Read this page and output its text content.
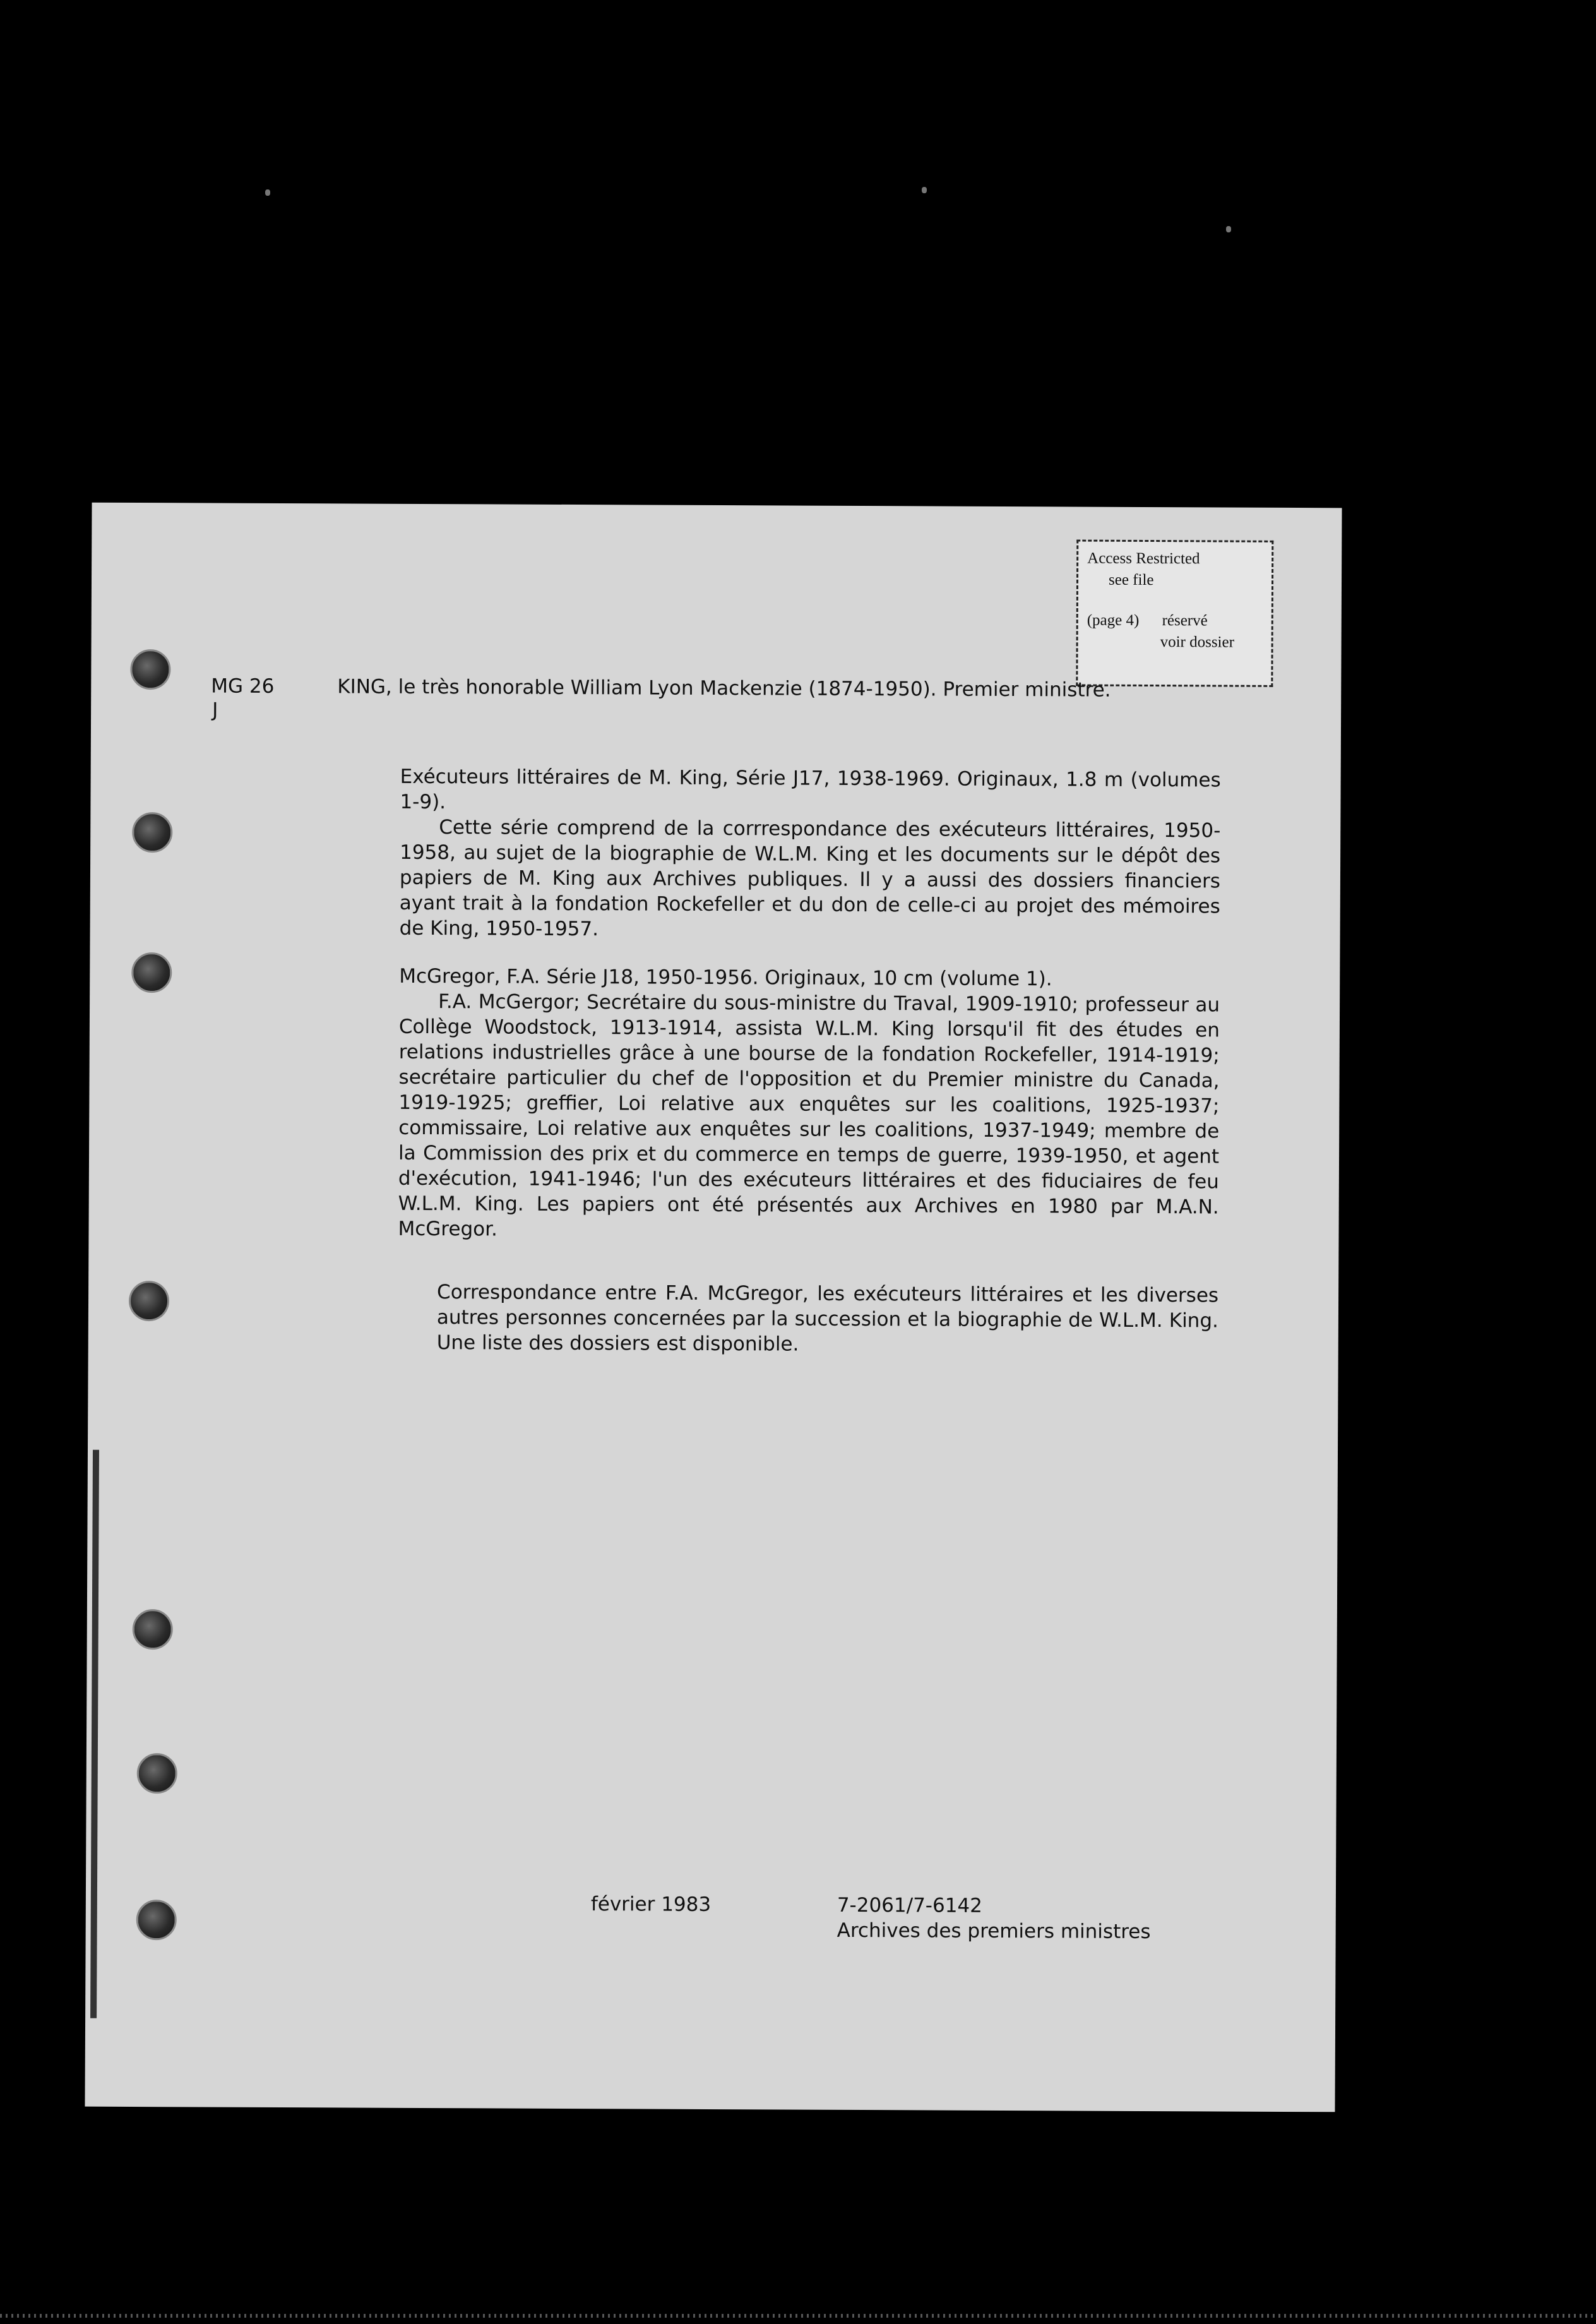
Access Restricted
see file
(page 4) réservé
voir dossier
MG 26
J
KING, le très honorable William Lyon Mackenzie (1874-1950). Premier ministre.
Exécuteurs littéraires de M. King, Série J17, 1938-1969. Originaux, 1.8 m (volumes 1-9).
Cette série comprend de la corrrespondance des exécuteurs littéraires, 1950-1958, au sujet de la biographie de W.L.M. King et les documents sur le dépôt des papiers de M. King aux Archives publiques. Il y a aussi des dossiers financiers ayant trait à la fondation Rockefeller et du don de celle-ci au projet des mémoires de King, 1950-1957.
McGregor, F.A. Série J18, 1950-1956. Originaux, 10 cm (volume 1).
F.A. McGergor; Secrétaire du sous-ministre du Traval, 1909-1910; professeur au Collège Woodstock, 1913-1914, assista W.L.M. King lorsqu'il fit des études en relations industrielles grâce à une bourse de la fondation Rockefeller, 1914-1919; secrétaire particulier du chef de l'opposition et du Premier ministre du Canada, 1919-1925; greffier, Loi relative aux enquêtes sur les coalitions, 1925-1937; commissaire, Loi relative aux enquêtes sur les coalitions, 1937-1949; membre de la Commission des prix et du commerce en temps de guerre, 1939-1950, et agent d'exécution, 1941-1946; l'un des exécuteurs littéraires et des fiduciaires de feu W.L.M. King. Les papiers ont été présentés aux Archives en 1980 par M.A.N. McGregor.
Correspondance entre F.A. McGregor, les exécuteurs littéraires et les diverses autres personnes concernées par la succession et la biographie de W.L.M. King. Une liste des dossiers est disponible.
février 1983	7-2061/7-6142
Archives des premiers ministres
